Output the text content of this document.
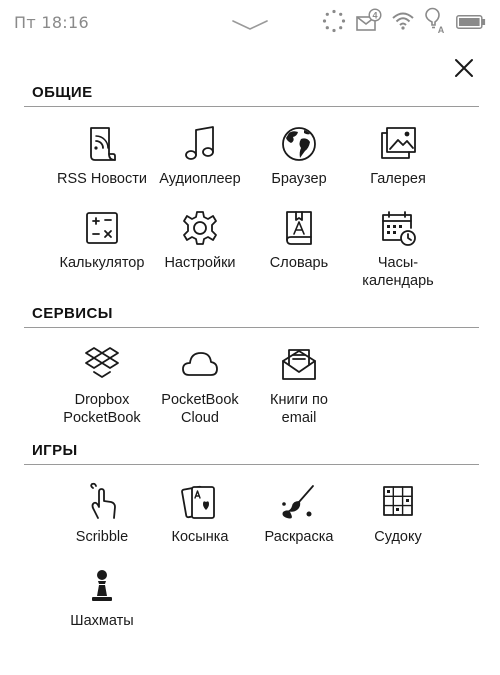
Пт 18:16	4
A
ОБЩИЕ
RSS Новости Аудиоплеер	Браузер	Галерея
Калькулятор	Настройки	Словарь	Часы-
календарь
СЕРВИСЫ
Dropbox
PocketBook
PocketBook
Cloud
Книги по
email
ИГРЫ
Scribble	Косынка	Раскраска	Судоку
Шахматы
